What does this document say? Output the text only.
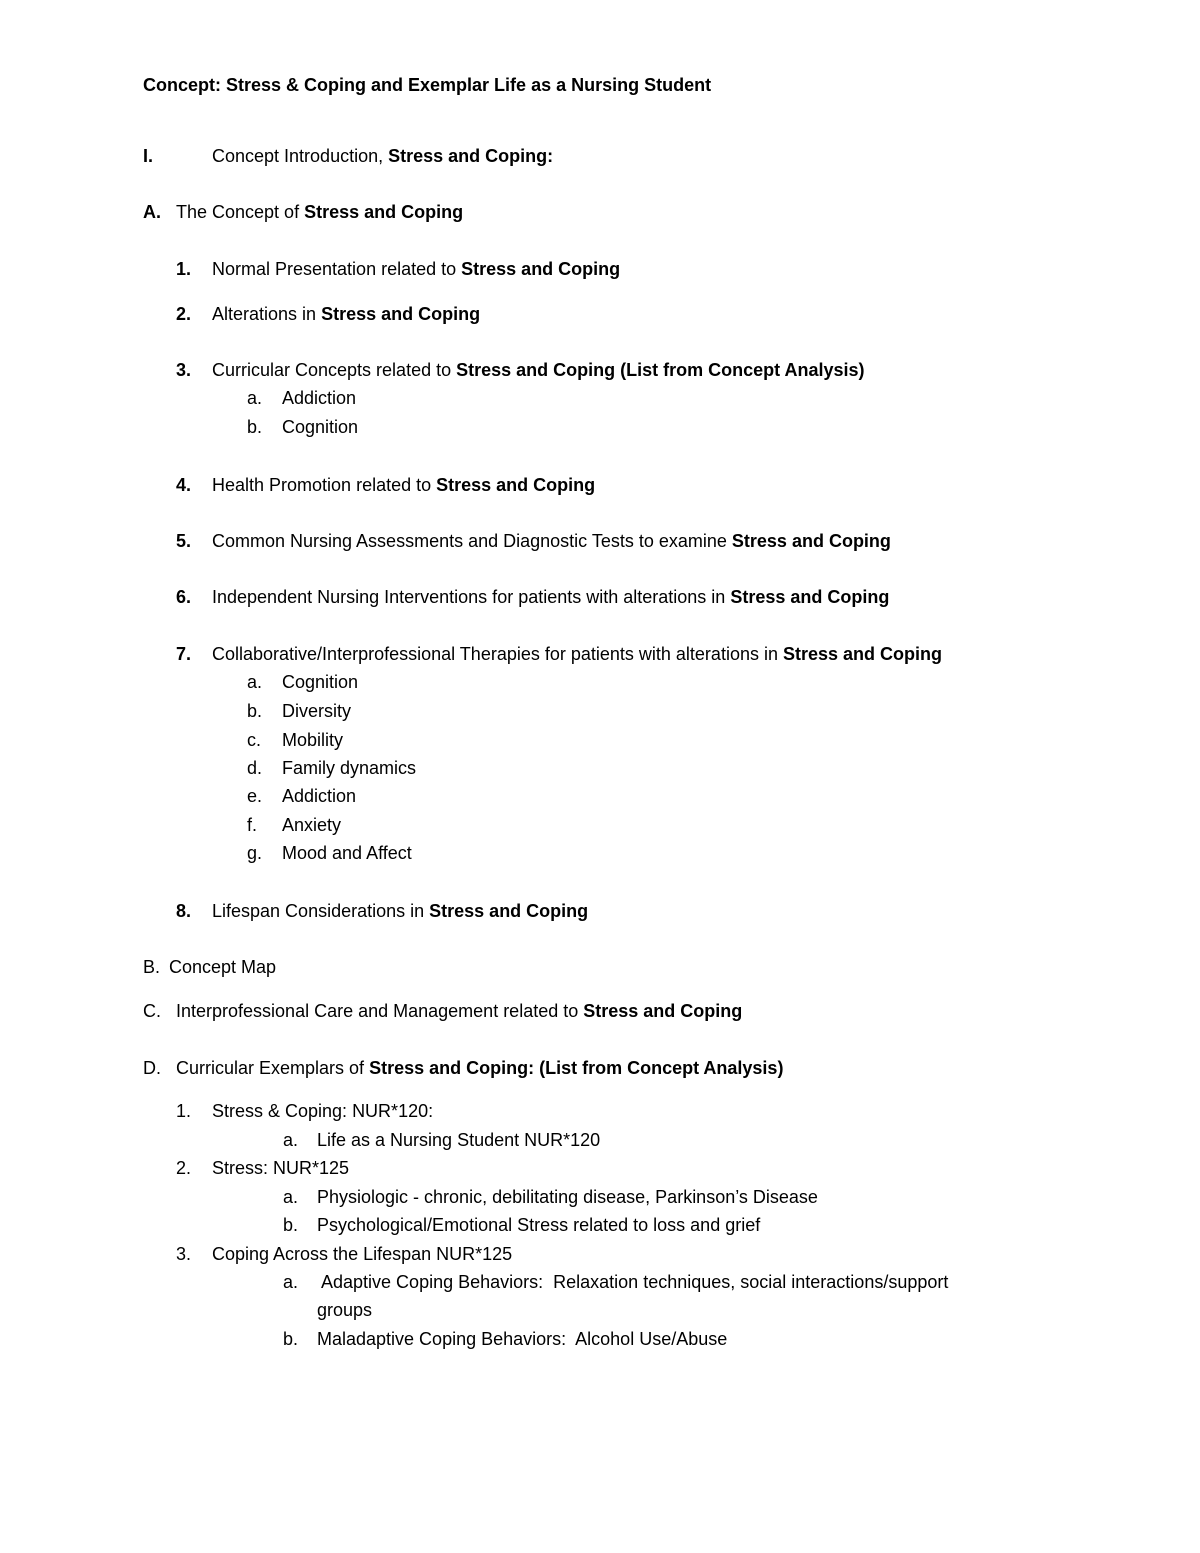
Concept: Stress & Coping and Exemplar Life as a Nursing Student
I.	Concept Introduction, Stress and Coping:
A. The Concept of Stress and Coping
1. Normal Presentation related to Stress and Coping
2. Alterations in Stress and Coping
3. Curricular Concepts related to Stress and Coping (List from Concept Analysis)
a. Addiction
b. Cognition
4. Health Promotion related to Stress and Coping
5. Common Nursing Assessments and Diagnostic Tests to examine Stress and Coping
6. Independent Nursing Interventions for patients with alterations in Stress and Coping
7. Collaborative/Interprofessional Therapies for patients with alterations in Stress and Coping
a. Cognition
b. Diversity
c. Mobility
d. Family dynamics
e. Addiction
f. Anxiety
g. Mood and Affect
8. Lifespan Considerations in Stress and Coping
B. Concept Map
C. Interprofessional Care and Management related to Stress and Coping
D. Curricular Exemplars of Stress and Coping: (List from Concept Analysis)
1. Stress & Coping: NUR*120:
a. Life as a Nursing Student NUR*120
2. Stress: NUR*125
a. Physiologic - chronic, debilitating disease, Parkinson’s Disease
b. Psychological/Emotional Stress related to loss and grief
3. Coping Across the Lifespan NUR*125
a. Adaptive Coping Behaviors:  Relaxation techniques, social interactions/support
groups
b. Maladaptive Coping Behaviors:  Alcohol Use/Abuse
